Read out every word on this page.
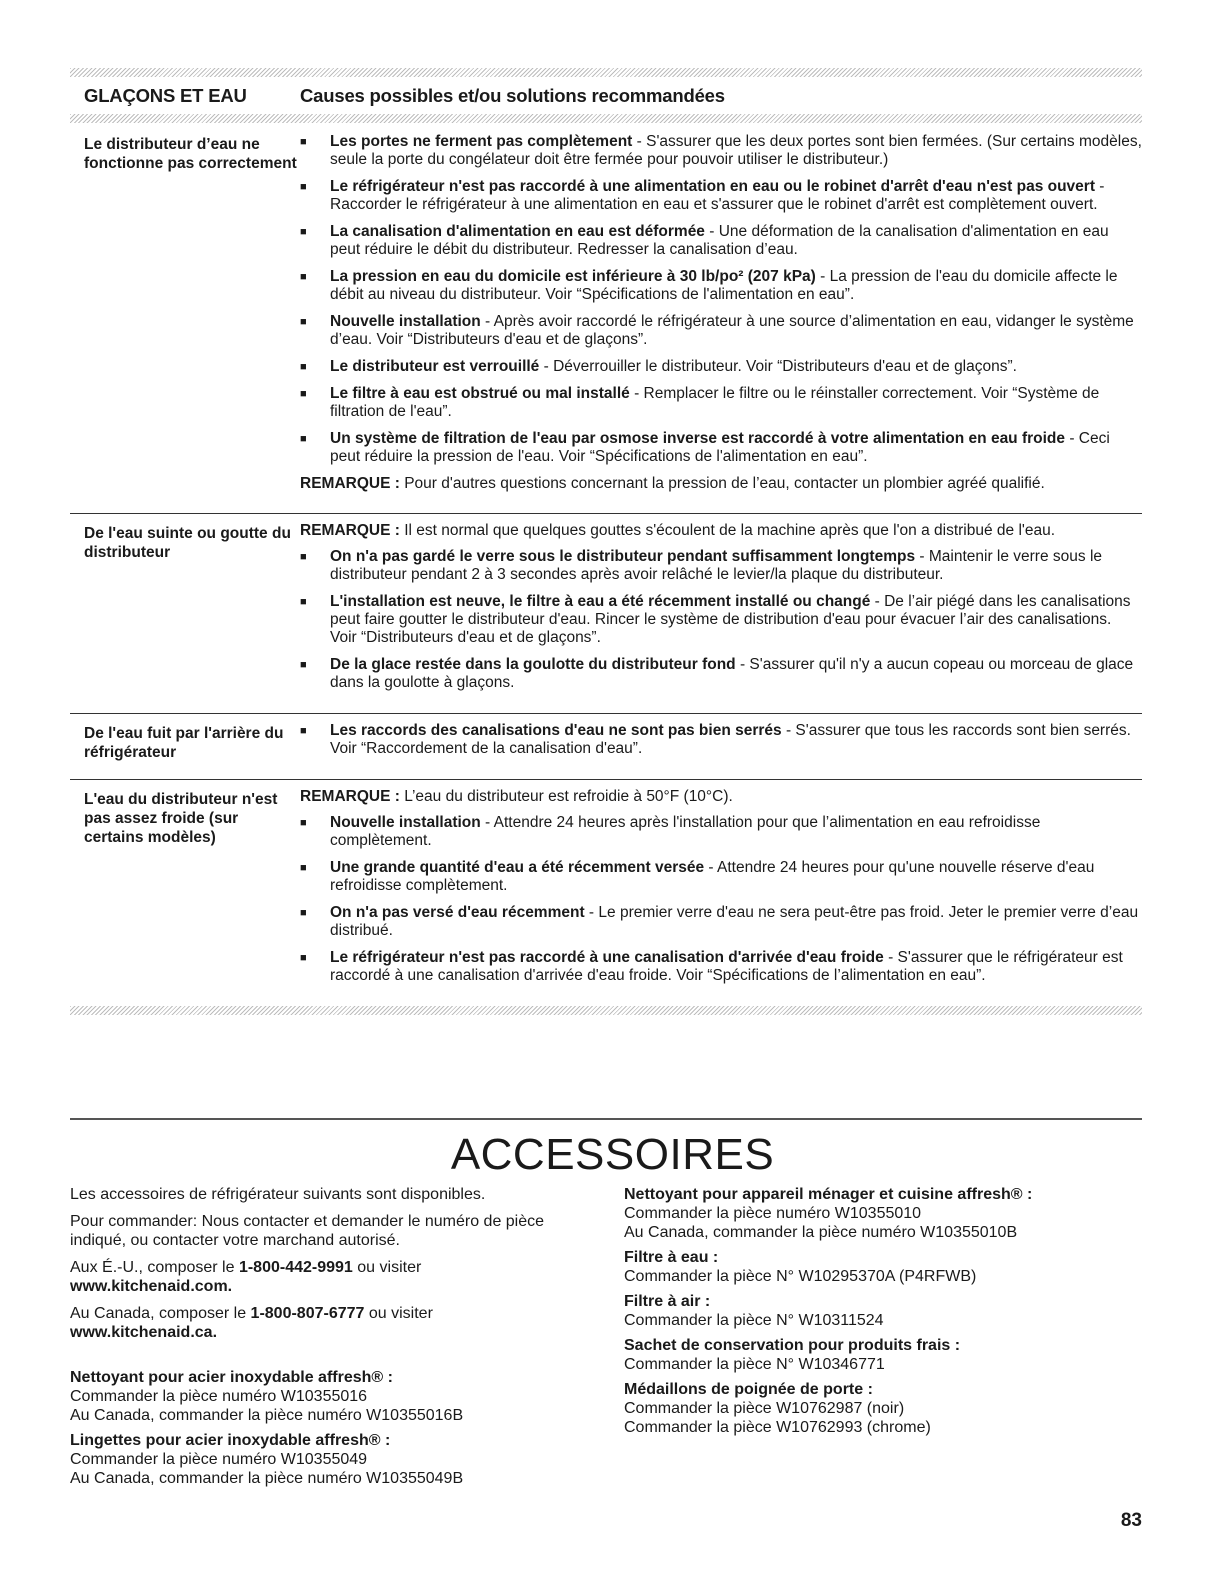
GLAÇONS ET EAU	Causes possibles et/ou solutions recommandées
Le distributeur d’eau ne fonctionne pas correctement
■	Les portes ne ferment pas complètement - S'assurer que les deux portes sont bien fermées. (Sur certains modèles, seule la porte du congélateur doit être fermée pour pouvoir utiliser le distributeur.)
■	Le réfrigérateur n'est pas raccordé à une alimentation en eau ou le robinet d'arrêt d'eau n'est pas ouvert - Raccorder le réfrigérateur à une alimentation en eau et s'assurer que le robinet d'arrêt est complètement ouvert.
■	La canalisation d'alimentation en eau est déformée - Une déformation de la canalisation d'alimentation en eau peut réduire le débit du distributeur. Redresser la canalisation d’eau.
■	La pression en eau du domicile est inférieure à 30 lb/po² (207 kPa) - La pression de l'eau du domicile affecte le débit au niveau du distributeur. Voir “Spécifications de l'alimentation en eau”.
■	Nouvelle installation - Après avoir raccordé le réfrigérateur à une source d’alimentation en eau, vidanger le système d’eau. Voir “Distributeurs d'eau et de glaçons”.
■	Le distributeur est verrouillé - Déverrouiller le distributeur. Voir “Distributeurs d'eau et de glaçons”.
■	Le filtre à eau est obstrué ou mal installé - Remplacer le filtre ou le réinstaller correctement. Voir “Système de filtration de l'eau”.
■	Un système de filtration de l'eau par osmose inverse est raccordé à votre alimentation en eau froide - Ceci peut réduire la pression de l'eau. Voir “Spécifications de l'alimentation en eau”.
REMARQUE : Pour d'autres questions concernant la pression de l’eau, contacter un plombier agréé qualifié.
De l'eau suinte ou goutte du distributeur
REMARQUE : Il est normal que quelques gouttes s'écoulent de la machine après que l'on a distribué de l'eau.
■	On n'a pas gardé le verre sous le distributeur pendant suffisamment longtemps - Maintenir le verre sous le distributeur pendant 2 à 3 secondes après avoir relâché le levier/la plaque du distributeur.
■	L'installation est neuve, le filtre à eau a été récemment installé ou changé - De l’air piégé dans les canalisations peut faire goutter le distributeur d'eau. Rincer le système de distribution d'eau pour évacuer l’air des canalisations. Voir “Distributeurs d'eau et de glaçons”.
■	De la glace restée dans la goulotte du distributeur fond - S'assurer qu'il n'y a aucun copeau ou morceau de glace dans la goulotte à glaçons.
De l'eau fuit par l'arrière du réfrigérateur
■	Les raccords des canalisations d'eau ne sont pas bien serrés - S'assurer que tous les raccords sont bien serrés. Voir “Raccordement de la canalisation d'eau”.
L'eau du distributeur n'est pas assez froide (sur certains modèles)
REMARQUE : L’eau du distributeur est refroidie à 50°F (10°C).
■	Nouvelle installation - Attendre 24 heures après l'installation pour que l’alimentation en eau refroidisse complètement.
■	Une grande quantité d'eau a été récemment versée - Attendre 24 heures pour qu'une nouvelle réserve d'eau refroidisse complètement.
■	On n'a pas versé d'eau récemment - Le premier verre d'eau ne sera peut-être pas froid. Jeter le premier verre d’eau distribué.
■	Le réfrigérateur n'est pas raccordé à une canalisation d'arrivée d'eau froide - S'assurer que le réfrigérateur est raccordé à une canalisation d'arrivée d'eau froide. Voir “Spécifications de l’alimentation en eau”.
ACCESSOIRES
Les accessoires de réfrigérateur suivants sont disponibles.
Pour commander: Nous contacter et demander le numéro de pièce indiqué, ou contacter votre marchand autorisé.
Aux É.-U., composer le 1-800-442-9991 ou visiter
www.kitchenaid.com.
Au Canada, composer le 1-800-807-6777 ou visiter
www.kitchenaid.ca.
Nettoyant pour acier inoxydable affresh® :
Commander la pièce numéro W10355016
Au Canada, commander la pièce numéro W10355016B
Lingettes pour acier inoxydable affresh® :
Commander la pièce numéro W10355049
Au Canada, commander la pièce numéro W10355049B
Nettoyant pour appareil ménager et cuisine affresh® :
Commander la pièce numéro W10355010
Au Canada, commander la pièce numéro W10355010B
Filtre à eau :
Commander la pièce N° W10295370A (P4RFWB)
Filtre à air :
Commander la pièce N° W10311524
Sachet de conservation pour produits frais :
Commander la pièce N° W10346771
Médaillons de poignée de porte :
Commander la pièce W10762987 (noir)
Commander la pièce W10762993 (chrome)
83
